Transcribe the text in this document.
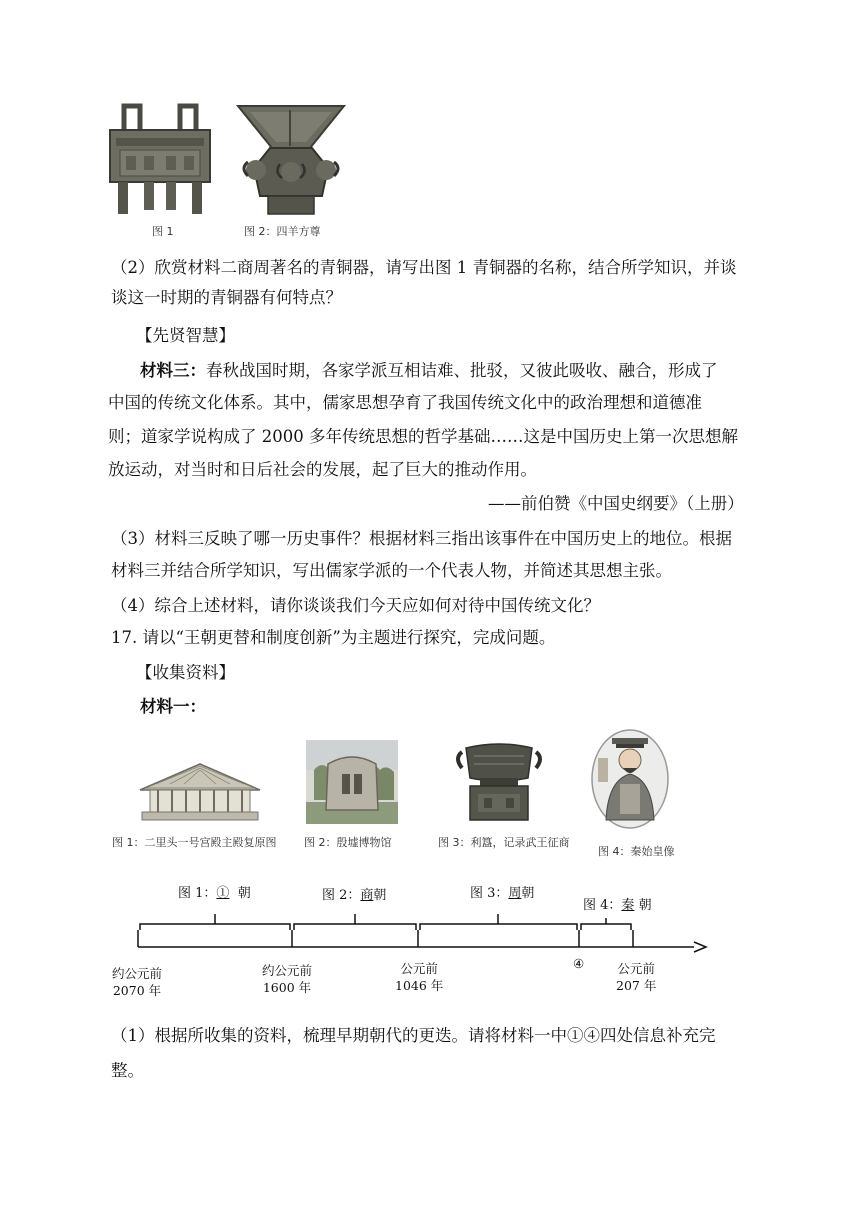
图 1	图 2：四羊方尊
（2）欣赏材料二商周著名的青铜器，请写出图 1 青铜器的名称，结合所学知识，并谈
谈这一时期的青铜器有何特点？
【先贤智慧】
材料三：春秋战国时期，各家学派互相诘难、批驳，又彼此吸收、融合，形成了
中国的传统文化体系。其中，儒家思想孕育了我国传统文化中的政治理想和道德准
则；道家学说构成了 2000 多年传统思想的哲学基础……这是中国历史上第一次思想解
放运动，对当时和日后社会的发展，起了巨大的推动作用。
——前伯赞《中国史纲要》（上册）
（3）材料三反映了哪一历史事件？根据材料三指出该事件在中国历史上的地位。根据
材料三并结合所学知识，写出儒家学派的一个代表人物，并简述其思想主张。
（4）综合上述材料，请你谈谈我们今天应如何对待中国传统文化？
17. 请以“王朝更替和制度创新”为主题进行探究，完成问题。
【收集资料】
材料一：
图 1：二里头一号宫殿主殿复原图	图 2：殷墟博物馆	图 3：利簋，记录武王征商
图 4：秦始皇像
图 1：① 朝	图 2：商朝	图 3：周朝
图 4：秦 朝
约公元前
2070 年
约公元前
1600 年
公元前
1046 年
④	公元前
207 年
（1）根据所收集的资料，梳理早期朝代的更迭。请将材料一中①④四处信息补充完
整。
